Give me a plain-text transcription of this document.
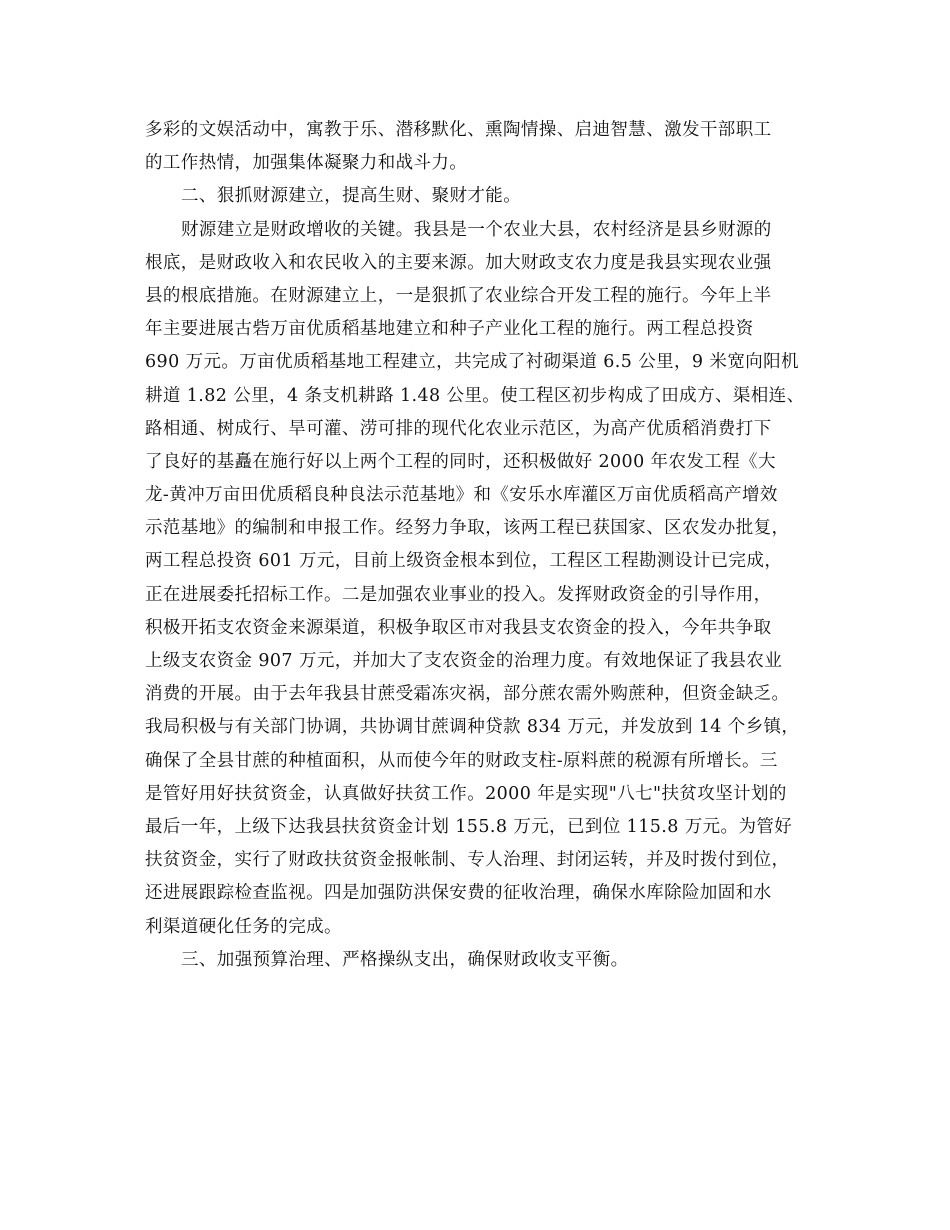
多彩的文娱活动中，寓教于乐、潜移默化、熏陶情操、启迪智慧、激发干部职工
的工作热情，加强集体凝聚力和战斗力。
二、狠抓财源建立，提高生财、聚财才能。
财源建立是财政增收的关键。我县是一个农业大县，农村经济是县乡财源的
根底，是财政收入和农民收入的主要来源。加大财政支农力度是我县实现农业强
县的根底措施。在财源建立上，一是狠抓了农业综合开发工程的施行。今年上半
年主要进展古砦万亩优质稻基地建立和种子产业化工程的施行。两工程总投资
690 万元。万亩优质稻基地工程建立，共完成了衬砌渠道 6.5 公里，9 米宽向阳机
耕道 1.82 公里，4 条支机耕路 1.48 公里。使工程区初步构成了田成方、渠相连、
路相通、树成行、旱可灌、涝可排的现代化农业示范区，为高产优质稻消费打下
了良好的基矗在施行好以上两个工程的同时，还积极做好 2000 年农发工程《大
龙-黄冲万亩田优质稻良种良法示范基地》和《安乐水库灌区万亩优质稻高产增效
示范基地》的编制和申报工作。经努力争取，该两工程已获国家、区农发办批复，
两工程总投资 601 万元，目前上级资金根本到位，工程区工程勘测设计已完成，
正在进展委托招标工作。二是加强农业事业的投入。发挥财政资金的引导作用，
积极开拓支农资金来源渠道，积极争取区市对我县支农资金的投入，今年共争取
上级支农资金 907 万元，并加大了支农资金的治理力度。有效地保证了我县农业
消费的开展。由于去年我县甘蔗受霜冻灾祸，部分蔗农需外购蔗种，但资金缺乏。
我局积极与有关部门协调，共协调甘蔗调种贷款 834 万元，并发放到 14 个乡镇，
确保了全县甘蔗的种植面积，从而使今年的财政支柱-原料蔗的税源有所增长。三
是管好用好扶贫资金，认真做好扶贫工作。2000 年是实现"八七"扶贫攻坚计划的
最后一年，上级下达我县扶贫资金计划 155.8 万元，已到位 115.8 万元。为管好
扶贫资金，实行了财政扶贫资金报帐制、专人治理、封闭运转，并及时拨付到位，
还进展跟踪检查监视。四是加强防洪保安费的征收治理，确保水库除险加固和水
利渠道硬化任务的完成。
三、加强预算治理、严格操纵支出，确保财政收支平衡。
